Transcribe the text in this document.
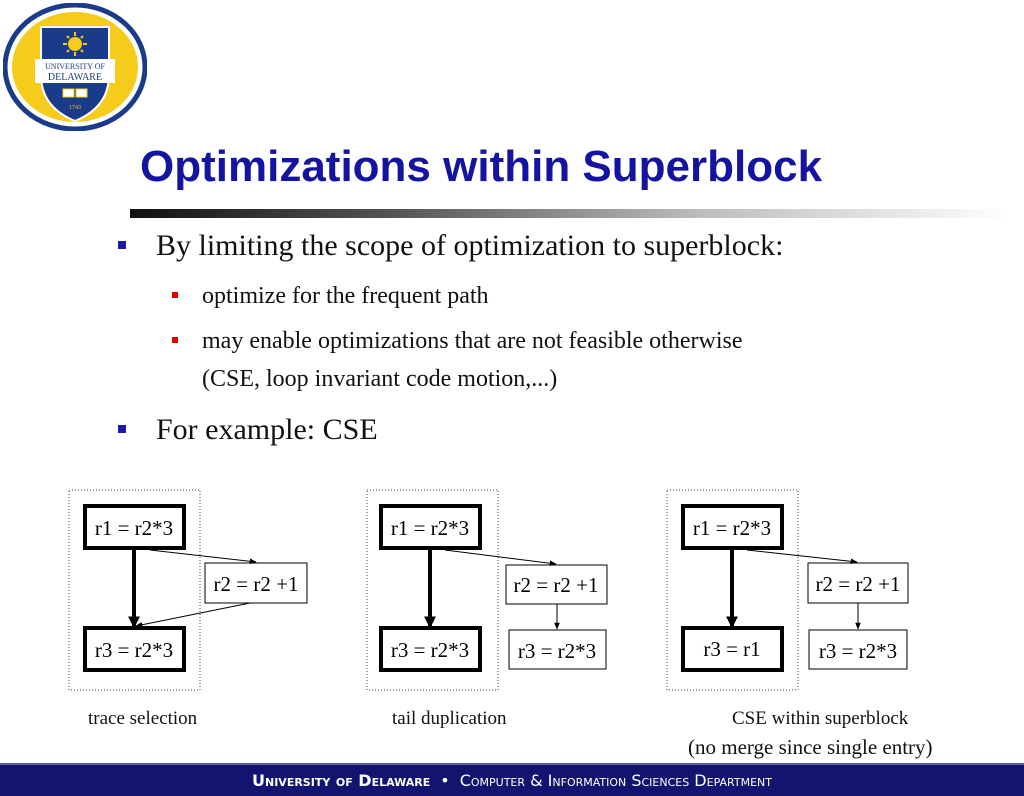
UNIVERSITY OF
DELAWARE
1743
Optimizations within Superblock
By limiting the scope of optimization to superblock:
optimize for the frequent path
may enable optimizations that are not feasible otherwise
(CSE, loop invariant code motion,...)
For example: CSE
r1 = r2*3
r2 = r2 +1
r3 = r2*3
r1 = r2*3
r2 = r2 +1
r3 = r2*3 r3 = r2*3
r1 = r2*3
r2 = r2 +1
r3 = r1	r3 = r2*3
trace selection	tail duplication	CSE within superblock
(no merge since single entry)
University of Delaware • Computer & Information Sciences Department
